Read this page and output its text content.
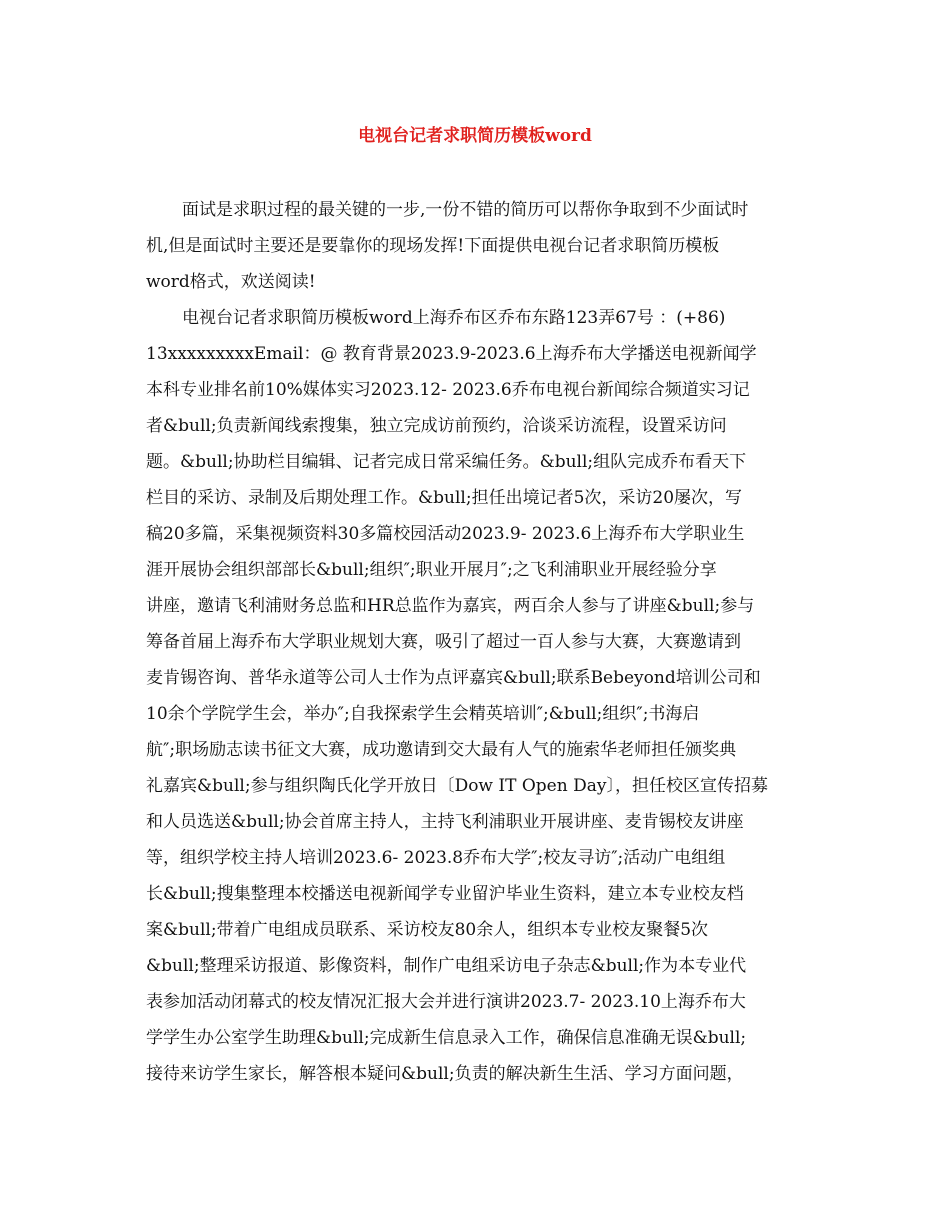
电视台记者求职简历模板word
面试是求职过程的最关键的一步,一份不错的简历可以帮你争取到不少面试时
机,但是面试时主要还是要靠你的现场发挥!下面提供电视台记者求职简历模板
word格式，欢送阅读!
电视台记者求职简历模板word上海乔布区乔布东路123弄67号 ：(+86)
13xxxxxxxxxEmail：@ 教育背景2023.9-2023.6上海乔布大学播送电视新闻学
本科专业排名前10%媒体实习2023.12- 2023.6乔布电视台新闻综合频道实习记
者&bull;负责新闻线索搜集，独立完成访前预约，洽谈采访流程，设置采访问
题。&bull;协助栏目编辑、记者完成日常采编任务。&bull;组队完成乔布看天下
栏目的采访、录制及后期处理工作。&bull;担任出境记者5次，采访20屡次，写
稿20多篇，采集视频资料30多篇校园活动2023.9- 2023.6上海乔布大学职业生
涯开展协会组织部部长&bull;组织″;职业开展月″;之飞利浦职业开展经验分享
讲座，邀请飞利浦财务总监和HR总监作为嘉宾，两百余人参与了讲座&bull;参与
筹备首届上海乔布大学职业规划大赛，吸引了超过一百人参与大赛，大赛邀请到
麦肯锡咨询、普华永道等公司人士作为点评嘉宾&bull;联系Bebeyond培训公司和
10余个学院学生会，举办″;自我探索学生会精英培训″;&bull;组织″;书海启
航″;职场励志读书征文大赛，成功邀请到交大最有人气的施索华老师担任颁奖典
礼嘉宾&bull;参与组织陶氏化学开放日〔Dow IT Open Day〕，担任校区宣传招募
和人员选送&bull;协会首席主持人，主持飞利浦职业开展讲座、麦肯锡校友讲座
等，组织学校主持人培训2023.6- 2023.8乔布大学″;校友寻访″;活动广电组组
长&bull;搜集整理本校播送电视新闻学专业留沪毕业生资料，建立本专业校友档
案&bull;带着广电组成员联系、采访校友80余人，组织本专业校友聚餐5次
&bull;整理采访报道、影像资料，制作广电组采访电子杂志&bull;作为本专业代
表参加活动闭幕式的校友情况汇报大会并进行演讲2023.7- 2023.10上海乔布大
学学生办公室学生助理&bull;完成新生信息录入工作，确保信息准确无误&bull;
接待来访学生家长，解答根本疑问&bull;负责的解决新生生活、学习方面问题，
